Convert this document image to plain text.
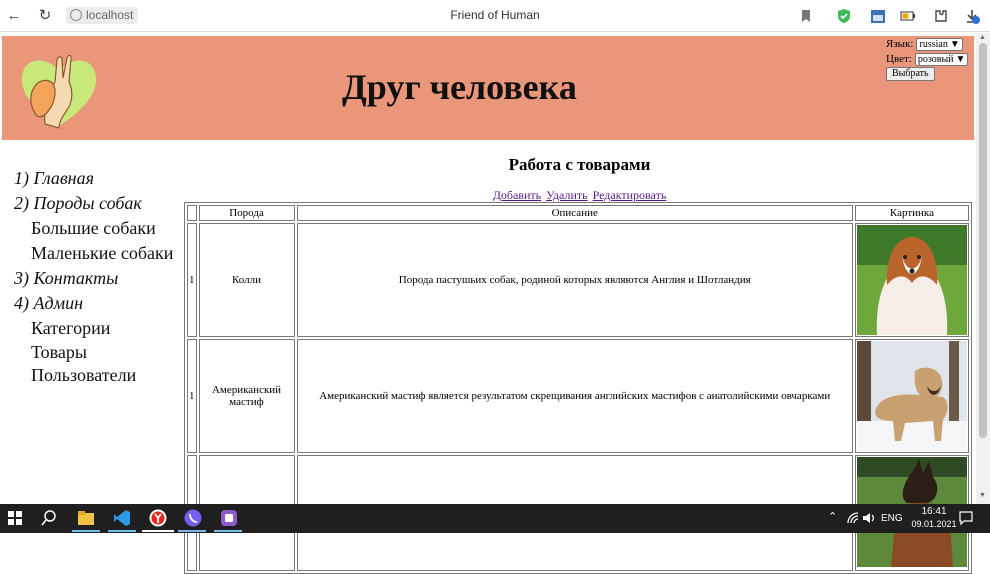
← ↻	localhost	Friend of Human
Друг человека
Язык: russian ▼
Цвет: розовый ▼
Выбрать
1) Главная
2) Породы собак
Большие собаки
Маленькие собаки
3) Контакты
4) Админ
Категории
Товары
Пользователи
Работа с товарами
Добавить Удалить Редактировать
	Порода	Описание	Картинка
1	Колли	Порода пастушьих собак, родиной которых являются Англия и Шотландия	

1	Американский мастиф	Американский мастиф является результатом скрещивания английских мастифов с анатолийскими овчарками	

▲
▼
⌃	ENG
16:41
09.01.2021
